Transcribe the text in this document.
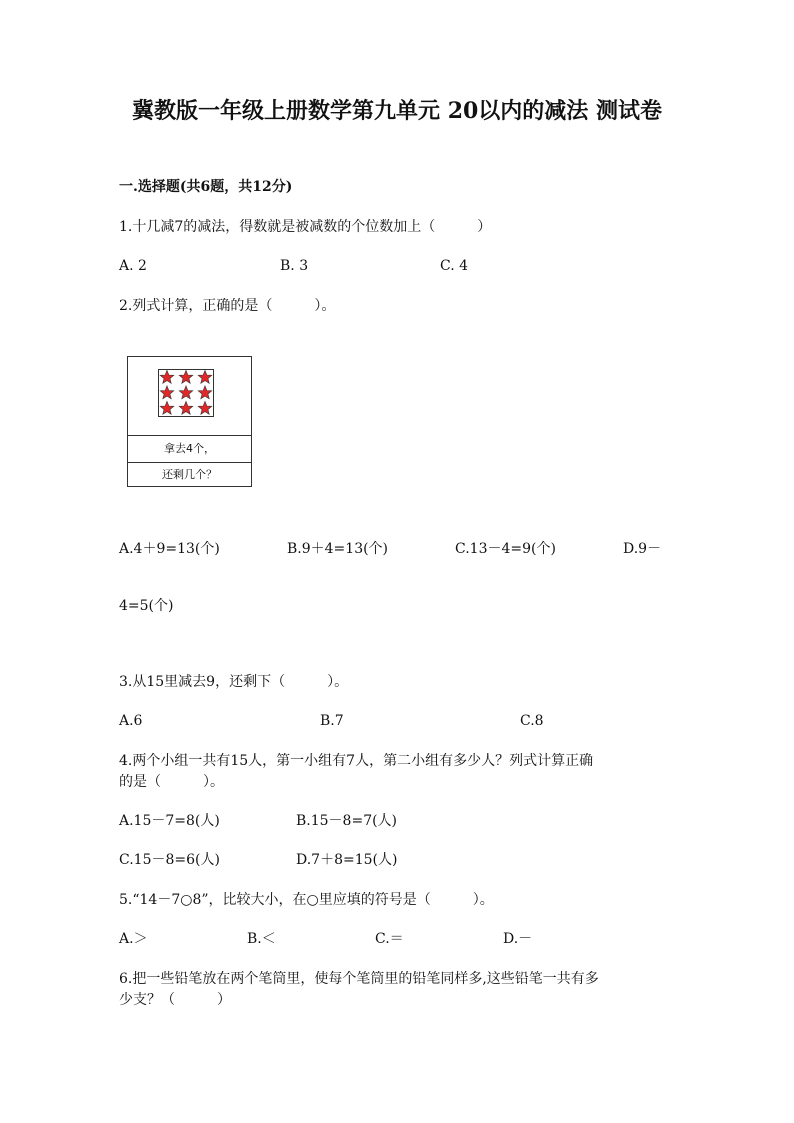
冀教版一年级上册数学第九单元 20以内的减法 测试卷
一.选择题(共6题，共12分)
1.十几减7的减法，得数就是被减数的个位数加上（　　　）
A. 2	B. 3	C. 4
2.列式计算，正确的是（　　　）。
拿去4个，
还剩几个？
A.4＋9=13(个)	B.9＋4=13(个)	C.13－4=9(个)	D.9－
4=5(个)
3.从15里减去9，还剩下（　　　）。
A.6	B.7	C.8
4.两个小组一共有15人，第一小组有7人，第二小组有多少人？列式计算正确
的是（　　　）。
A.15－7=8(人)	B.15－8=7(人)
C.15－8=6(人)	D.7＋8=15(人)
5.“14－7○8”，比较大小，在○里应填的符号是（　　　）。
A.＞	B.＜	C.＝	D.－
6.把一些铅笔放在两个笔筒里，使每个笔筒里的铅笔同样多,这些铅笔一共有多
少支？（　　　）
